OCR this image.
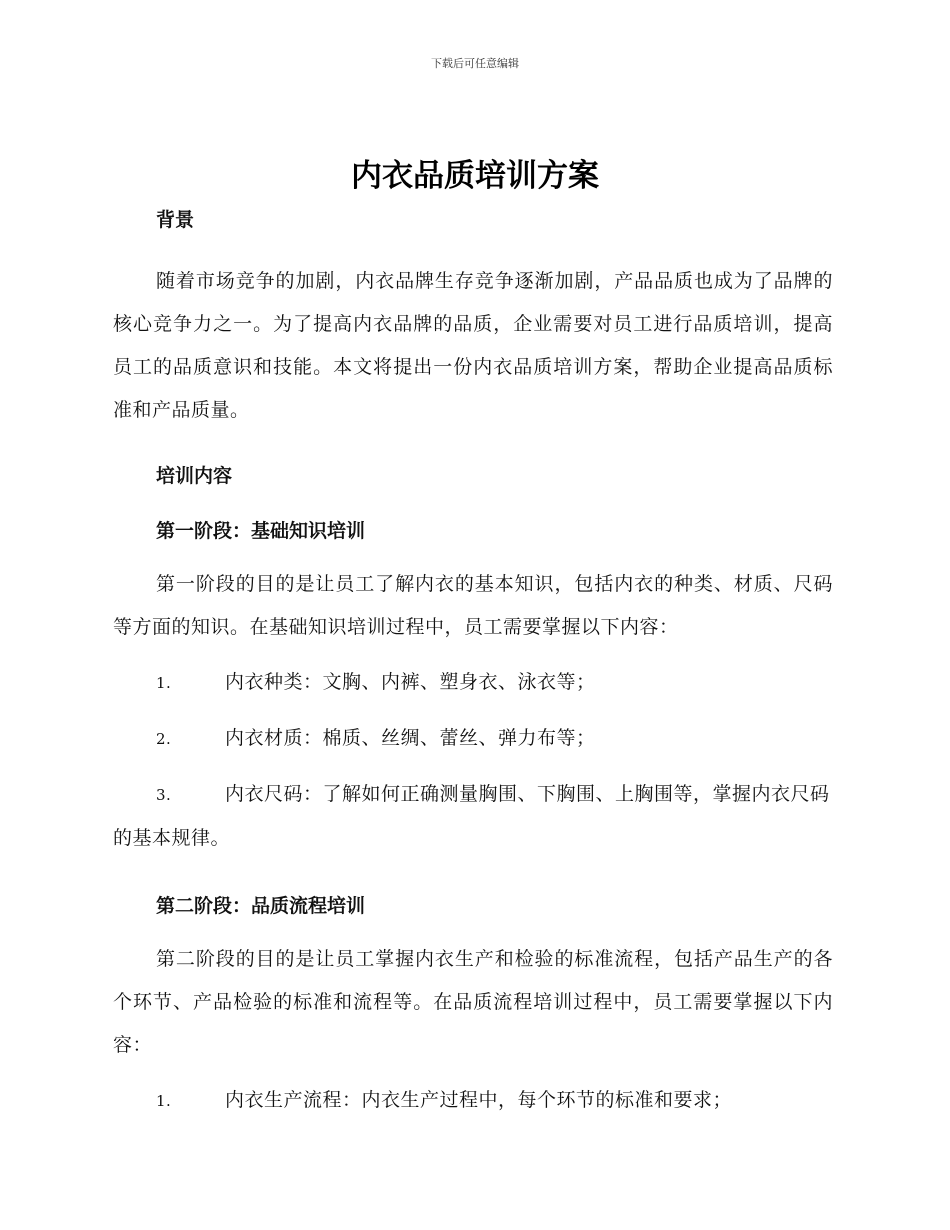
下载后可任意编辑
内衣品质培训方案

背景

随着市场竞争的加剧，内衣品牌生存竞争逐渐加剧，产品品质也成为了品牌的核心竞争力之一。为了提高内衣品牌的品质，企业需要对员工进行品质培训，提高员工的品质意识和技能。本文将提出一份内衣品质培训方案，帮助企业提高品质标准和产品质量。

培训内容

第一阶段：基础知识培训

第一阶段的目的是让员工了解内衣的基本知识，包括内衣的种类、材质、尺码等方面的知识。在基础知识培训过程中，员工需要掌握以下内容：

1.	内衣种类：文胸、内裤、塑身衣、泳衣等；

2.	内衣材质：棉质、丝绸、蕾丝、弹力布等；

3.	内衣尺码：了解如何正确测量胸围、下胸围、上胸围等，掌握内衣尺码的基本规律。

第二阶段：品质流程培训

第二阶段的目的是让员工掌握内衣生产和检验的标准流程，包括产品生产的各个环节、产品检验的标准和流程等。在品质流程培训过程中，员工需要掌握以下内容：

1.	内衣生产流程：内衣生产过程中，每个环节的标准和要求；
